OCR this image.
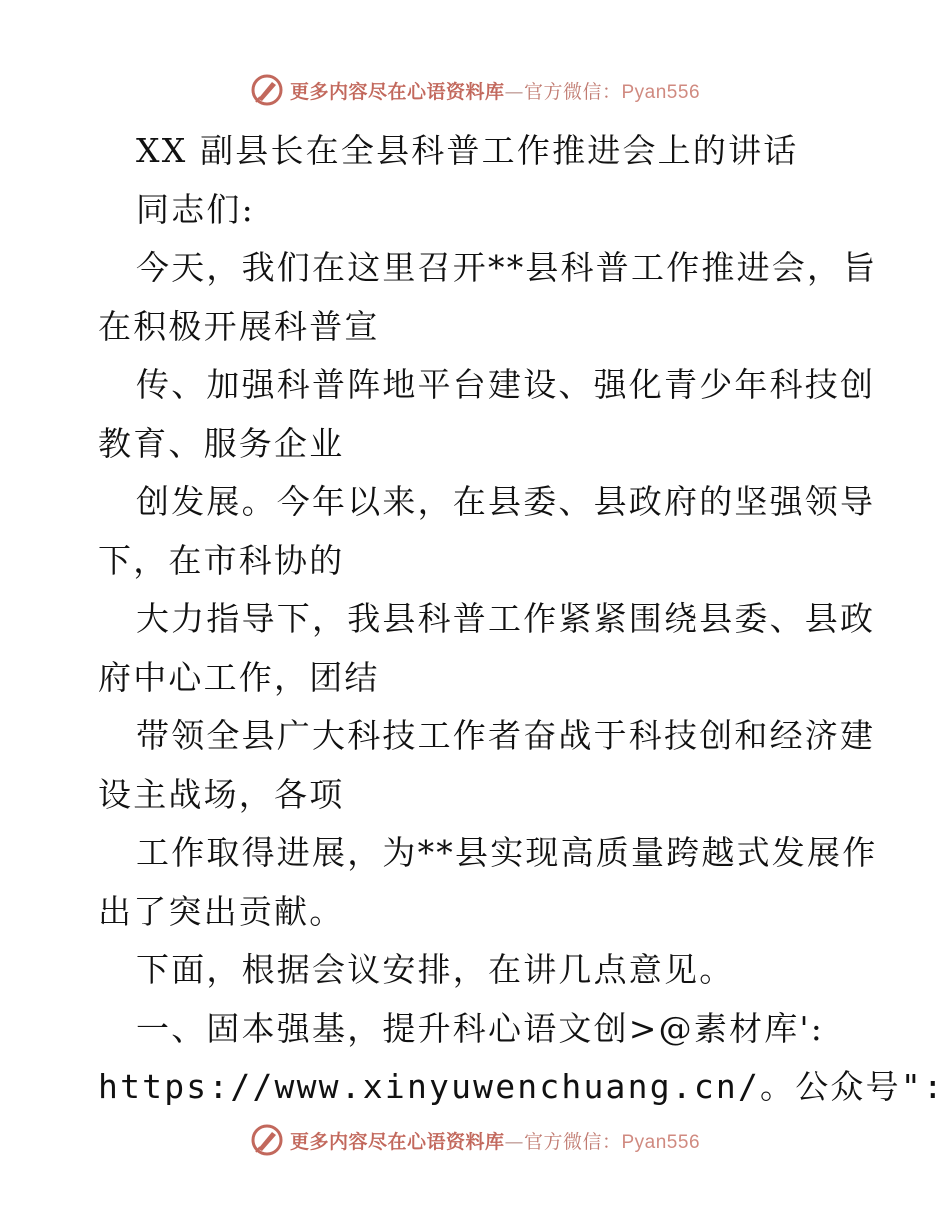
更多内容尽在心语资料库—官方微信：Pyan556
XX 副县长在全县科普工作推进会上的讲话
同志们:
今天，我们在这里召开**县科普工作推进会，旨
在积极开展科普宣
传、加强科普阵地平台建设、强化青少年科技创
教育、服务企业
创发展。今年以来，在县委、县政府的坚强领导
下，在市科协的
大力指导下，我县科普工作紧紧围绕县委、县政
府中心工作，团结
带领全县广大科技工作者奋战于科技创和经济建
设主战场，各项
工作取得进展，为**县实现高质量跨越式发展作
出了突出贡献。
下面，根据会议安排，在讲几点意见。
一、固本强基，提升科心语文创>@素材库':
https://www.xinyuwenchuang.cn/。公众号":
更多内容尽在心语资料库—官方微信：Pyan556
